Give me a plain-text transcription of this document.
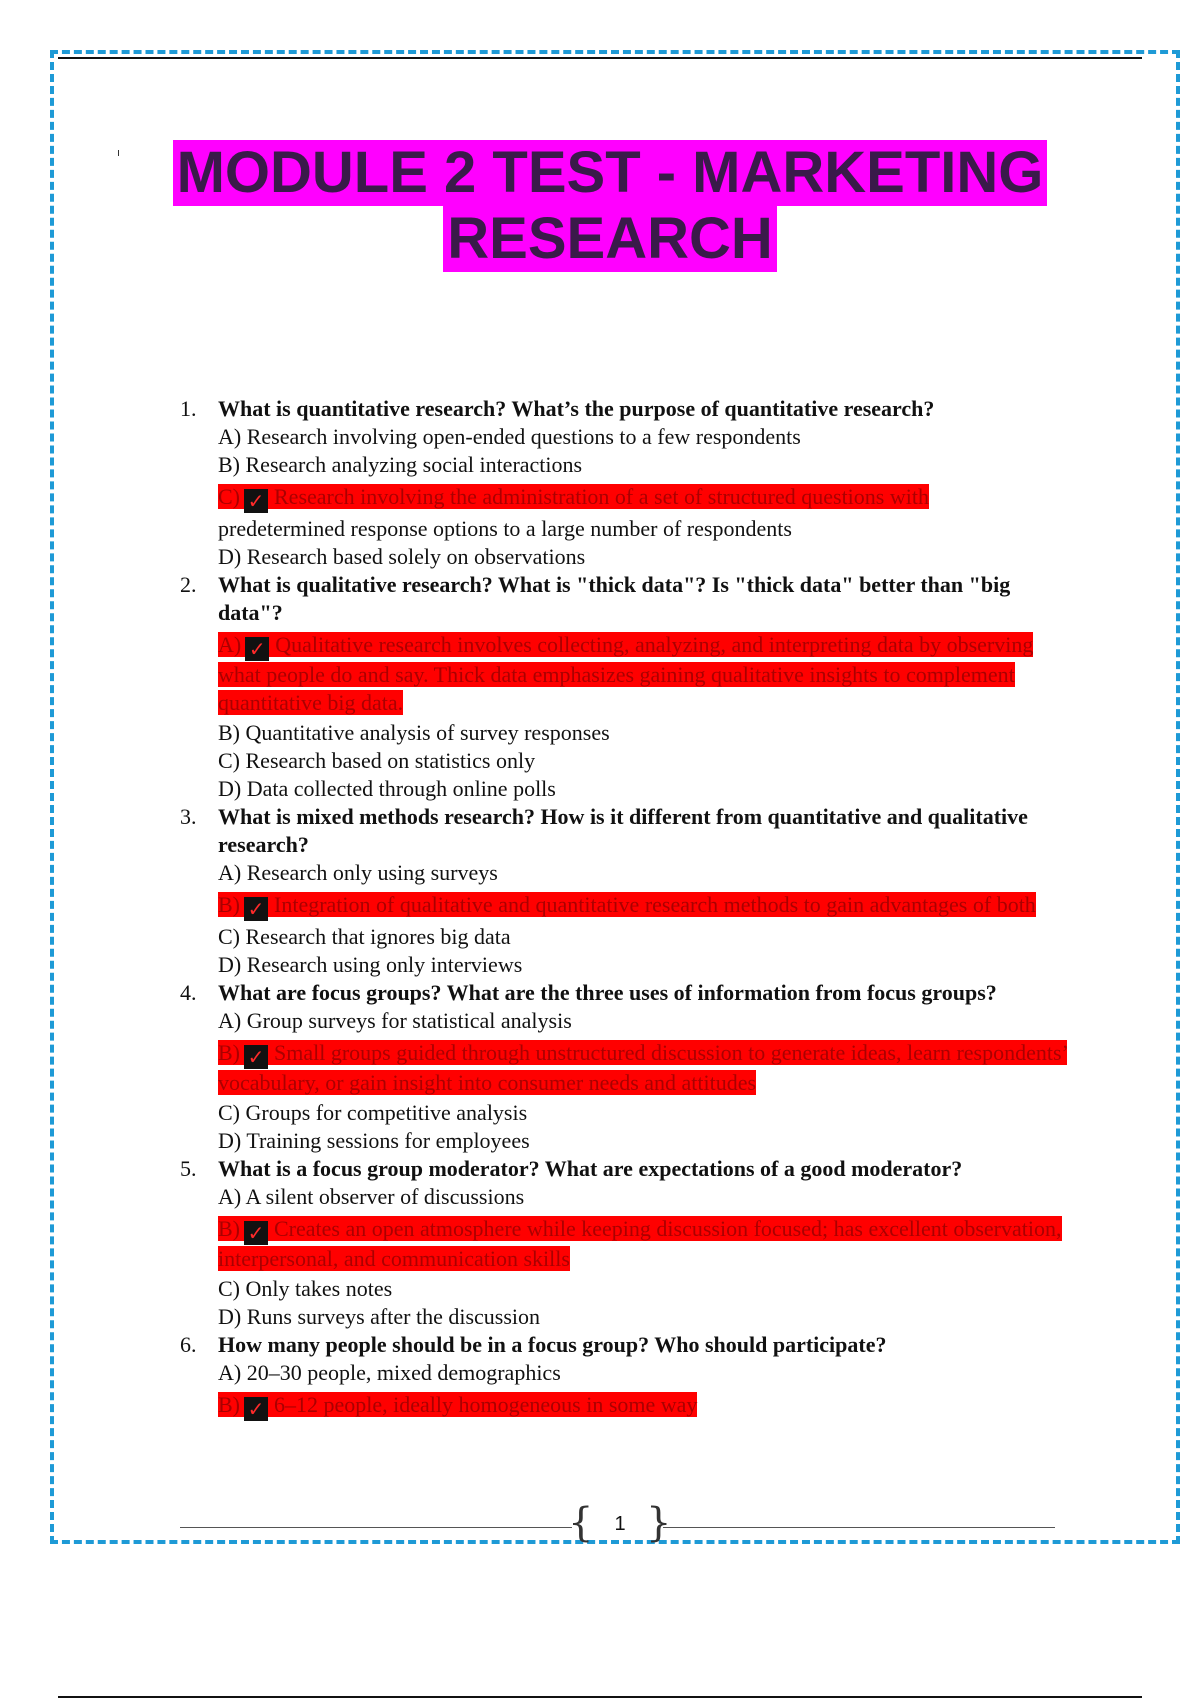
MODULE 2 TEST - MARKETING
RESEARCH
1. What is quantitative research? What’s the purpose of quantitative research?
A) Research involving open-ended questions to a few respondents
B) Research analyzing social interactions
C) ✓ Research involving the administration of a set of structured questions with
predetermined response options to a large number of respondents
D) Research based solely on observations
2. What is qualitative research? What is "thick data"? Is "thick data" better than "big data"?
A) ✓ Qualitative research involves collecting, analyzing, and interpreting data by observing what people do and say. Thick data emphasizes gaining qualitative insights to complement quantitative big data.
B) Quantitative analysis of survey responses
C) Research based on statistics only
D) Data collected through online polls
3. What is mixed methods research? How is it different from quantitative and qualitative research?
A) Research only using surveys
B) ✓ Integration of qualitative and quantitative research methods to gain advantages of both
C) Research that ignores big data
D) Research using only interviews
4. What are focus groups? What are the three uses of information from focus groups?
A) Group surveys for statistical analysis
B) ✓ Small groups guided through unstructured discussion to generate ideas, learn respondents’ vocabulary, or gain insight into consumer needs and attitudes
C) Groups for competitive analysis
D) Training sessions for employees
5. What is a focus group moderator? What are expectations of a good moderator?
A) A silent observer of discussions
B) ✓ Creates an open atmosphere while keeping discussion focused; has excellent observation, interpersonal, and communication skills
C) Only takes notes
D) Runs surveys after the discussion
6. How many people should be in a focus group? Who should participate?
A) 20–30 people, mixed demographics
B) ✓ 6–12 people, ideally homogeneous in some way
{	1 }
